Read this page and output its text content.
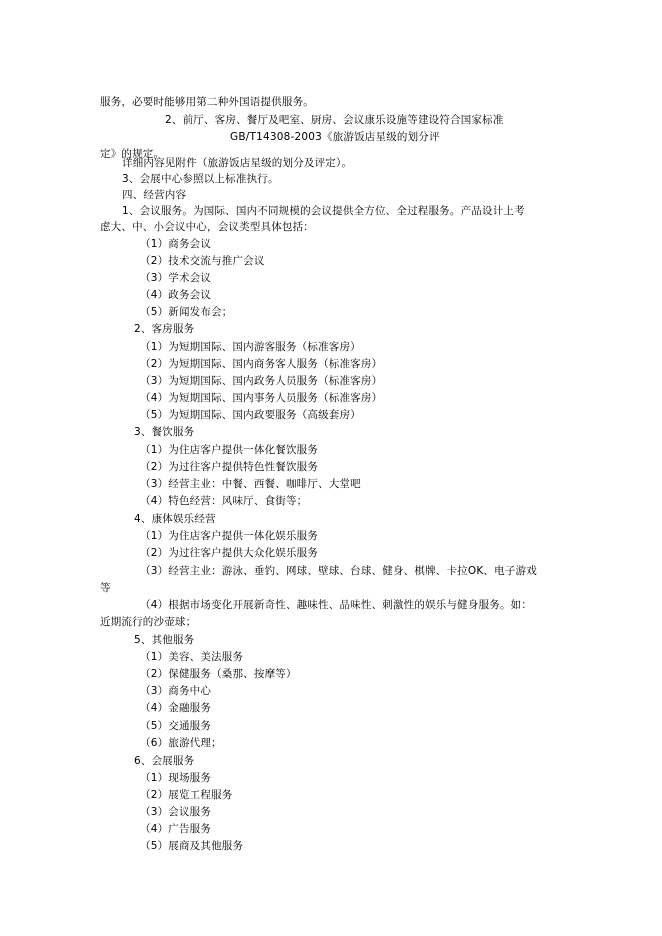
服务，必要时能够用第二种外国语提供服务。
2、前厅、客房、餐厅及吧室、厨房、会议康乐设施等建设符合国家标准
GB/T14308-2003《旅游饭店星级的划分评
定》的规定。
详细内容见附件（旅游饭店星级的划分及评定）。
3、会展中心参照以上标准执行。
四、经营内容
1、会议服务。为国际、国内不同规模的会议提供全方位、全过程服务。产品设计上考
虑大、中、小会议中心，会议类型具体包括：
（1）商务会议
（2）技术交流与推广会议
（3）学术会议
（4）政务会议
（5）新闻发布会；
2、客房服务
（1）为短期国际、国内游客服务（标准客房）
（2）为短期国际、国内商务客人服务（标准客房）
（3）为短期国际、国内政务人员服务（标准客房）
（4）为短期国际、国内事务人员服务（标准客房）
（5）为短期国际、国内政要服务（高级套房）
3、餐饮服务
（1）为住店客户提供一体化餐饮服务
（2）为过往客户提供特色性餐饮服务
（3）经营主业：中餐、西餐、咖啡厅、大堂吧
（4）特色经营：风味厅、食街等；
4、康体娱乐经营
（1）为住店客户提供一体化娱乐服务
（2）为过往客户提供大众化娱乐服务
（3）经营主业：游泳、垂钓、网球、壁球、台球、健身、棋牌、卡拉OK、电子游戏
等
（4）根据市场变化开展新奇性、趣味性、品味性、刺激性的娱乐与健身服务。如：
近期流行的沙壶球；
5、其他服务
（1）美容、美法服务
（2）保健服务（桑那、按摩等）
（3）商务中心
（4）金融服务
（5）交通服务
（6）旅游代理；
6、会展服务
（1）现场服务
（2）展览工程服务
（3）会议服务
（4）广告服务
（5）展商及其他服务
